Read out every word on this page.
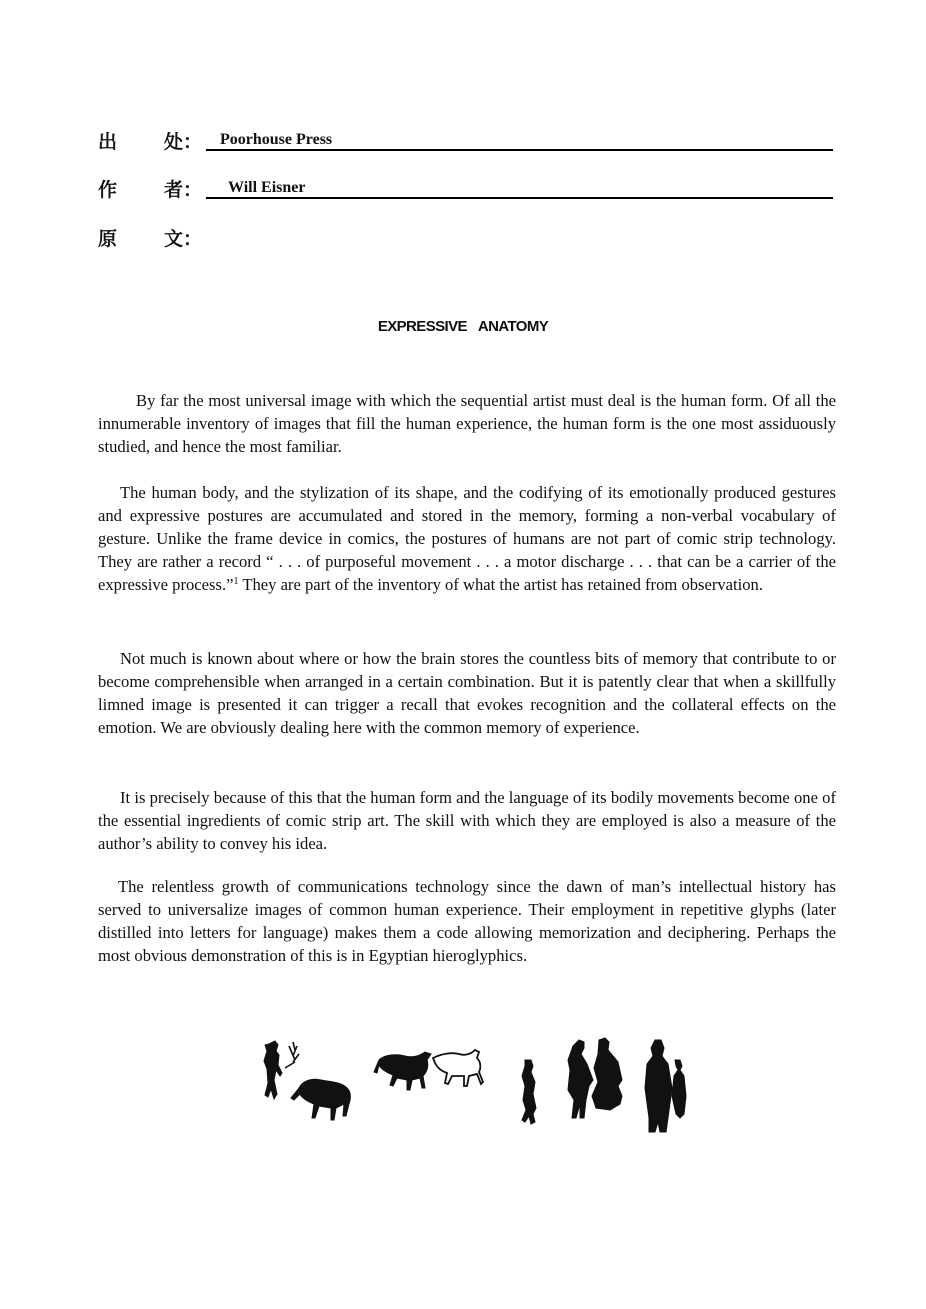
出 处： Poorhouse Press
作 者： Will Eisner
原 文：
EXPRESSIVE ANATOMY

By far the most universal image with which the sequential artist must deal is the human form. Of all the innumerable inventory of images that fill the human experience, the human form is the one most assiduously studied, and hence the most familiar.

The human body, and the stylization of its shape, and the codifying of its emotionally produced gestures and expressive postures are accumulated and stored in the memory, forming a non-verbal vocabulary of gesture. Unlike the frame device in comics, the postures of humans are not part of comic strip technology. They are rather a record “ . . . of purposeful movement . . . a motor discharge . . . that can be a carrier of the expressive process.”$^1$ They are part of the inventory of what the artist has retained from observation.

Not much is known about where or how the brain stores the countless bits of memory that contribute to or become comprehensible when arranged in a certain combination. But it is patently clear that when a skillfully limned image is presented it can trigger a recall that evokes recognition and the collateral effects on the emotion. We are obviously dealing here with the common memory of experience.

It is precisely because of this that the human form and the language of its bodily movements become one of the essential ingredients of comic strip art. The skill with which they are employed is also a measure of the author’s ability to convey his idea.

The relentless growth of communications technology since the dawn of man’s intellectual history has served to universalize images of common human experience. Their employment in repetitive glyphs (later distilled into letters for language) makes them a code allowing memorization and deciphering. Perhaps the most obvious demonstration of this is in Egyptian hieroglyphics.
